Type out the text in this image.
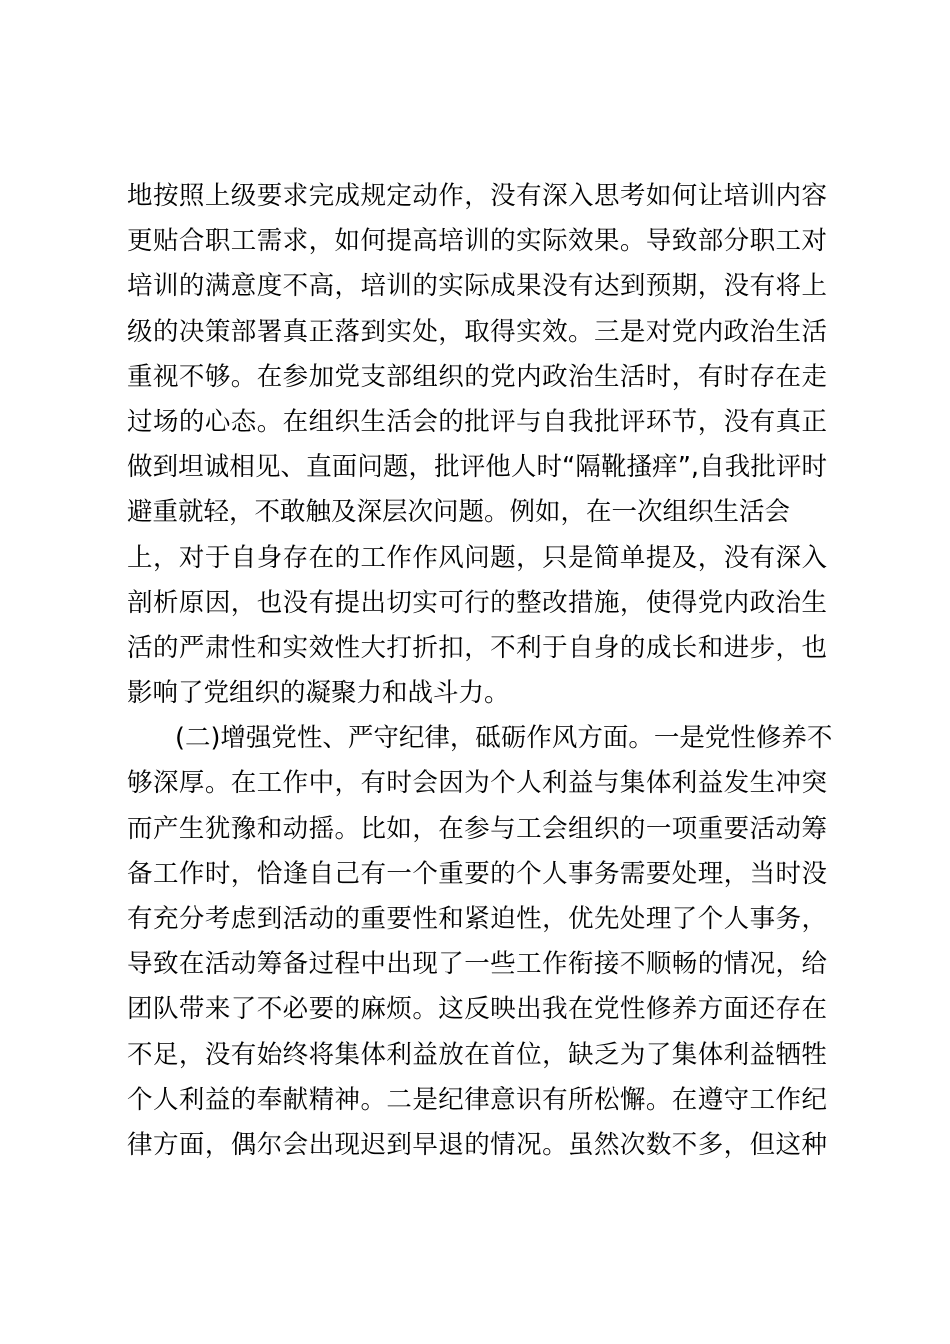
地按照上级要求完成规定动作，没有深入思考如何让培训内容
更贴合职工需求，如何提高培训的实际效果。导致部分职工对
培训的满意度不高，培训的实际成果没有达到预期，没有将上
级的决策部署真正落到实处，取得实效。三是对党内政治生活
重视不够。在参加党支部组织的党内政治生活时，有时存在走
过场的心态。在组织生活会的批评与自我批评环节，没有真正
做到坦诚相见、直面问题，批评他人时“隔靴搔痒”,自我批评时
避重就轻，不敢触及深层次问题。例如，在一次组织生活会
上，对于自身存在的工作作风问题，只是简单提及，没有深入
剖析原因，也没有提出切实可行的整改措施，使得党内政治生
活的严肃性和实效性大打折扣，不利于自身的成长和进步，也
影响了党组织的凝聚力和战斗力。
(二)增强党性、严守纪律，砥砺作风方面。一是党性修养不
够深厚。在工作中，有时会因为个人利益与集体利益发生冲突
而产生犹豫和动摇。比如，在参与工会组织的一项重要活动筹
备工作时，恰逢自己有一个重要的个人事务需要处理，当时没
有充分考虑到活动的重要性和紧迫性，优先处理了个人事务，
导致在活动筹备过程中出现了一些工作衔接不顺畅的情况，给
团队带来了不必要的麻烦。这反映出我在党性修养方面还存在
不足，没有始终将集体利益放在首位，缺乏为了集体利益牺牲
个人利益的奉献精神。二是纪律意识有所松懈。在遵守工作纪
律方面，偶尔会出现迟到早退的情况。虽然次数不多，但这种
